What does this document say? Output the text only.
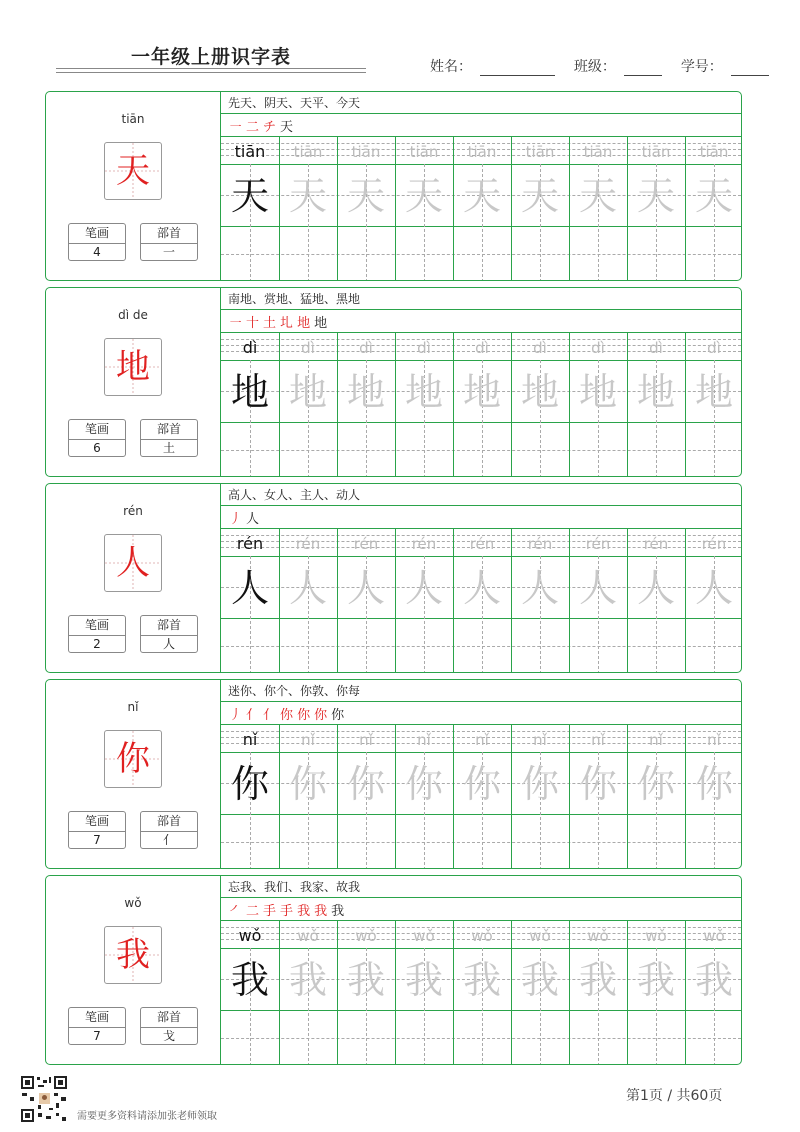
一年级上册识字表	姓名：	班级：	学号：
tiān
天
笔画
4
部首
一
先天、阴天、天平、今天
㇐ 二 チ 天
tiān
天
tiān
天
tiān
天
tiān
天
tiān
天
tiān
天
tiān
天
tiān
天
tiān
天
dì de
地
笔画
6
部首
土
南地、赏地、猛地、黑地
㇐ 十 土 圠 地 地
dì
地
dì
地
dì
地
dì
地
dì
地
dì
地
dì
地
dì
地
dì
地
rén
人
笔画
2
部首
人
高人、女人、主人、动人
丿 人
rén
人
rén
人
rén
人
rén
人
rén
人
rén
人
rén
人
rén
人
rén
人
nǐ
你
笔画
7
部首
亻
迷你、你个、你敦、你每
丿 亻 亻 你 你 你 你
nǐ
你
nǐ
你
nǐ
你
nǐ
你
nǐ
你
nǐ
你
nǐ
你
nǐ
你
nǐ
你
wǒ
我
笔画
7
部首
戈
忘我、我们、我家、故我
㇒ 二 手 手 我 我 我
wǒ
我
wǒ
我
wǒ
我
wǒ
我
wǒ
我
wǒ
我
wǒ
我
wǒ
我
wǒ
我
需要更多资料请添加张老师领取
第1页 / 共60页
